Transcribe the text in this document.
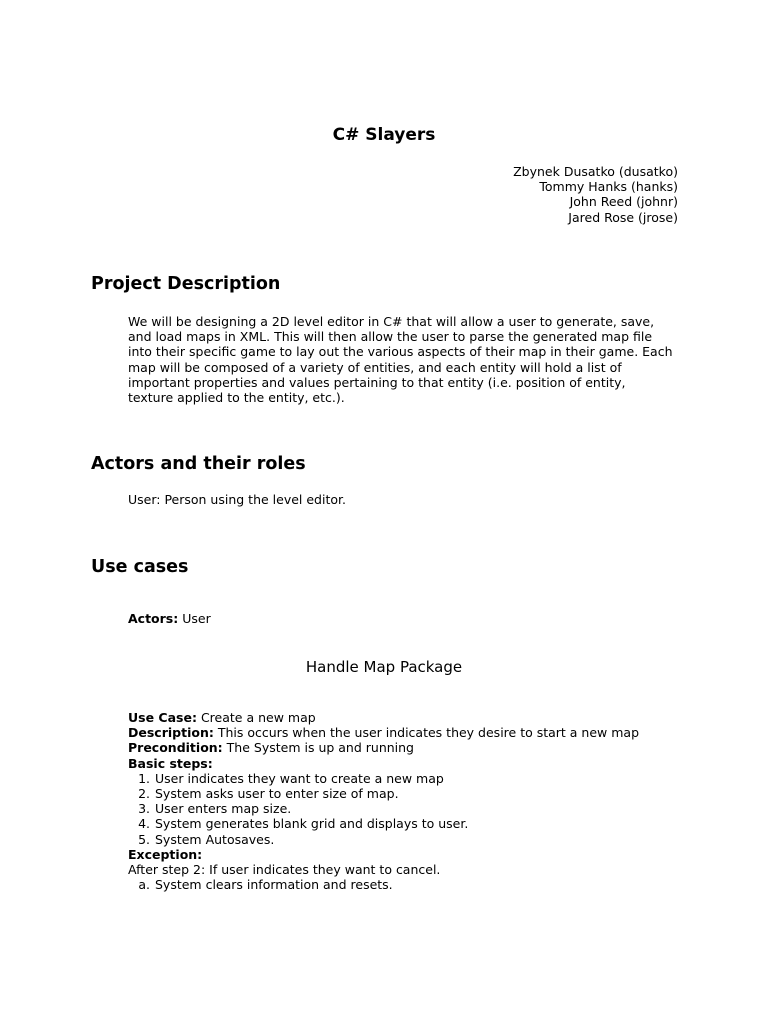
C# Slayers
Zbynek Dusatko (dusatko)
Tommy Hanks (hanks)
John Reed (johnr)
Jared Rose (jrose)
Project Description
We will be designing a 2D level editor in C# that will allow a user to generate, save,
and load maps in XML. This will then allow the user to parse the generated map file
into their specific game to lay out the various aspects of their map in their game. Each
map will be composed of a variety of entities, and each entity will hold a list of
important properties and values pertaining to that entity (i.e. position of entity,
texture applied to the entity, etc.).
Actors and their roles
User: Person using the level editor.
Use cases
Actors: User
Handle Map Package
Use Case: Create a new map
Description: This occurs when the user indicates they desire to start a new map
Precondition: The System is up and running
Basic steps:
1. User indicates they want to create a new map
2. System asks user to enter size of map.
3. User enters map size.
4. System generates blank grid and displays to user.
5. System Autosaves.
Exception:
After step 2: If user indicates they want to cancel.
a. System clears information and resets.
